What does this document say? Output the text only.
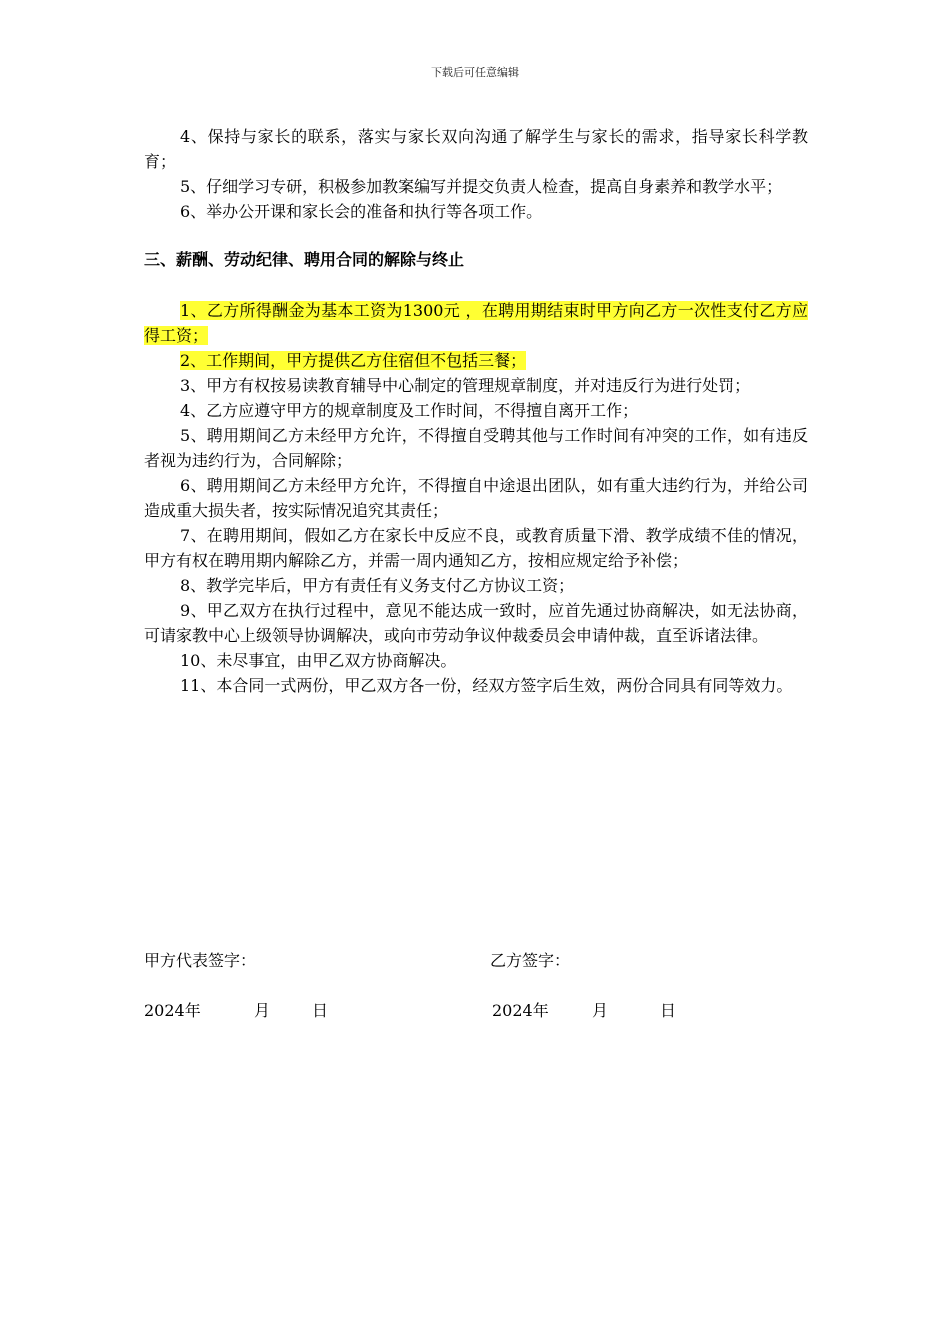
下载后可任意编辑

4、保持与家长的联系，落实与家长双向沟通了解学生与家长的需求，指导家长科学教育；

5、仔细学习专研，积极参加教案编写并提交负责人检查，提高自身素养和教学水平；

6、举办公开课和家长会的准备和执行等各项工作。

三、薪酬、劳动纪律、聘用合同的解除与终止

1、乙方所得酬金为基本工资为1300元 ，在聘用期结束时甲方向乙方一次性支付乙方应得工资；

2、工作期间，甲方提供乙方住宿但不包括三餐；

3、甲方有权按易读教育辅导中心制定的管理规章制度，并对违反行为进行处罚；

4、乙方应遵守甲方的规章制度及工作时间，不得擅自离开工作；

5、聘用期间乙方未经甲方允许，不得擅自受聘其他与工作时间有冲突的工作，如有违反者视为违约行为，合同解除；

6、聘用期间乙方未经甲方允许，不得擅自中途退出团队，如有重大违约行为，并给公司造成重大损失者，按实际情况追究其责任；

7、在聘用期间，假如乙方在家长中反应不良，或教育质量下滑、教学成绩不佳的情况，甲方有权在聘用期内解除乙方，并需一周内通知乙方，按相应规定给予补偿；

8、教学完毕后，甲方有责任有义务支付乙方协议工资；

9、甲乙双方在执行过程中，意见不能达成一致时，应首先通过协商解决，如无法协商，可请家教中心上级领导协调解决，或向市劳动争议仲裁委员会申请仲裁，直至诉诸法律。

10、未尽事宜，由甲乙双方协商解决。

11、本合同一式两份，甲乙双方各一份，经双方签字后生效，两份合同具有同等效力。

甲方代表签字：	乙方签字：
2024年	月	日	2024年	月	日
